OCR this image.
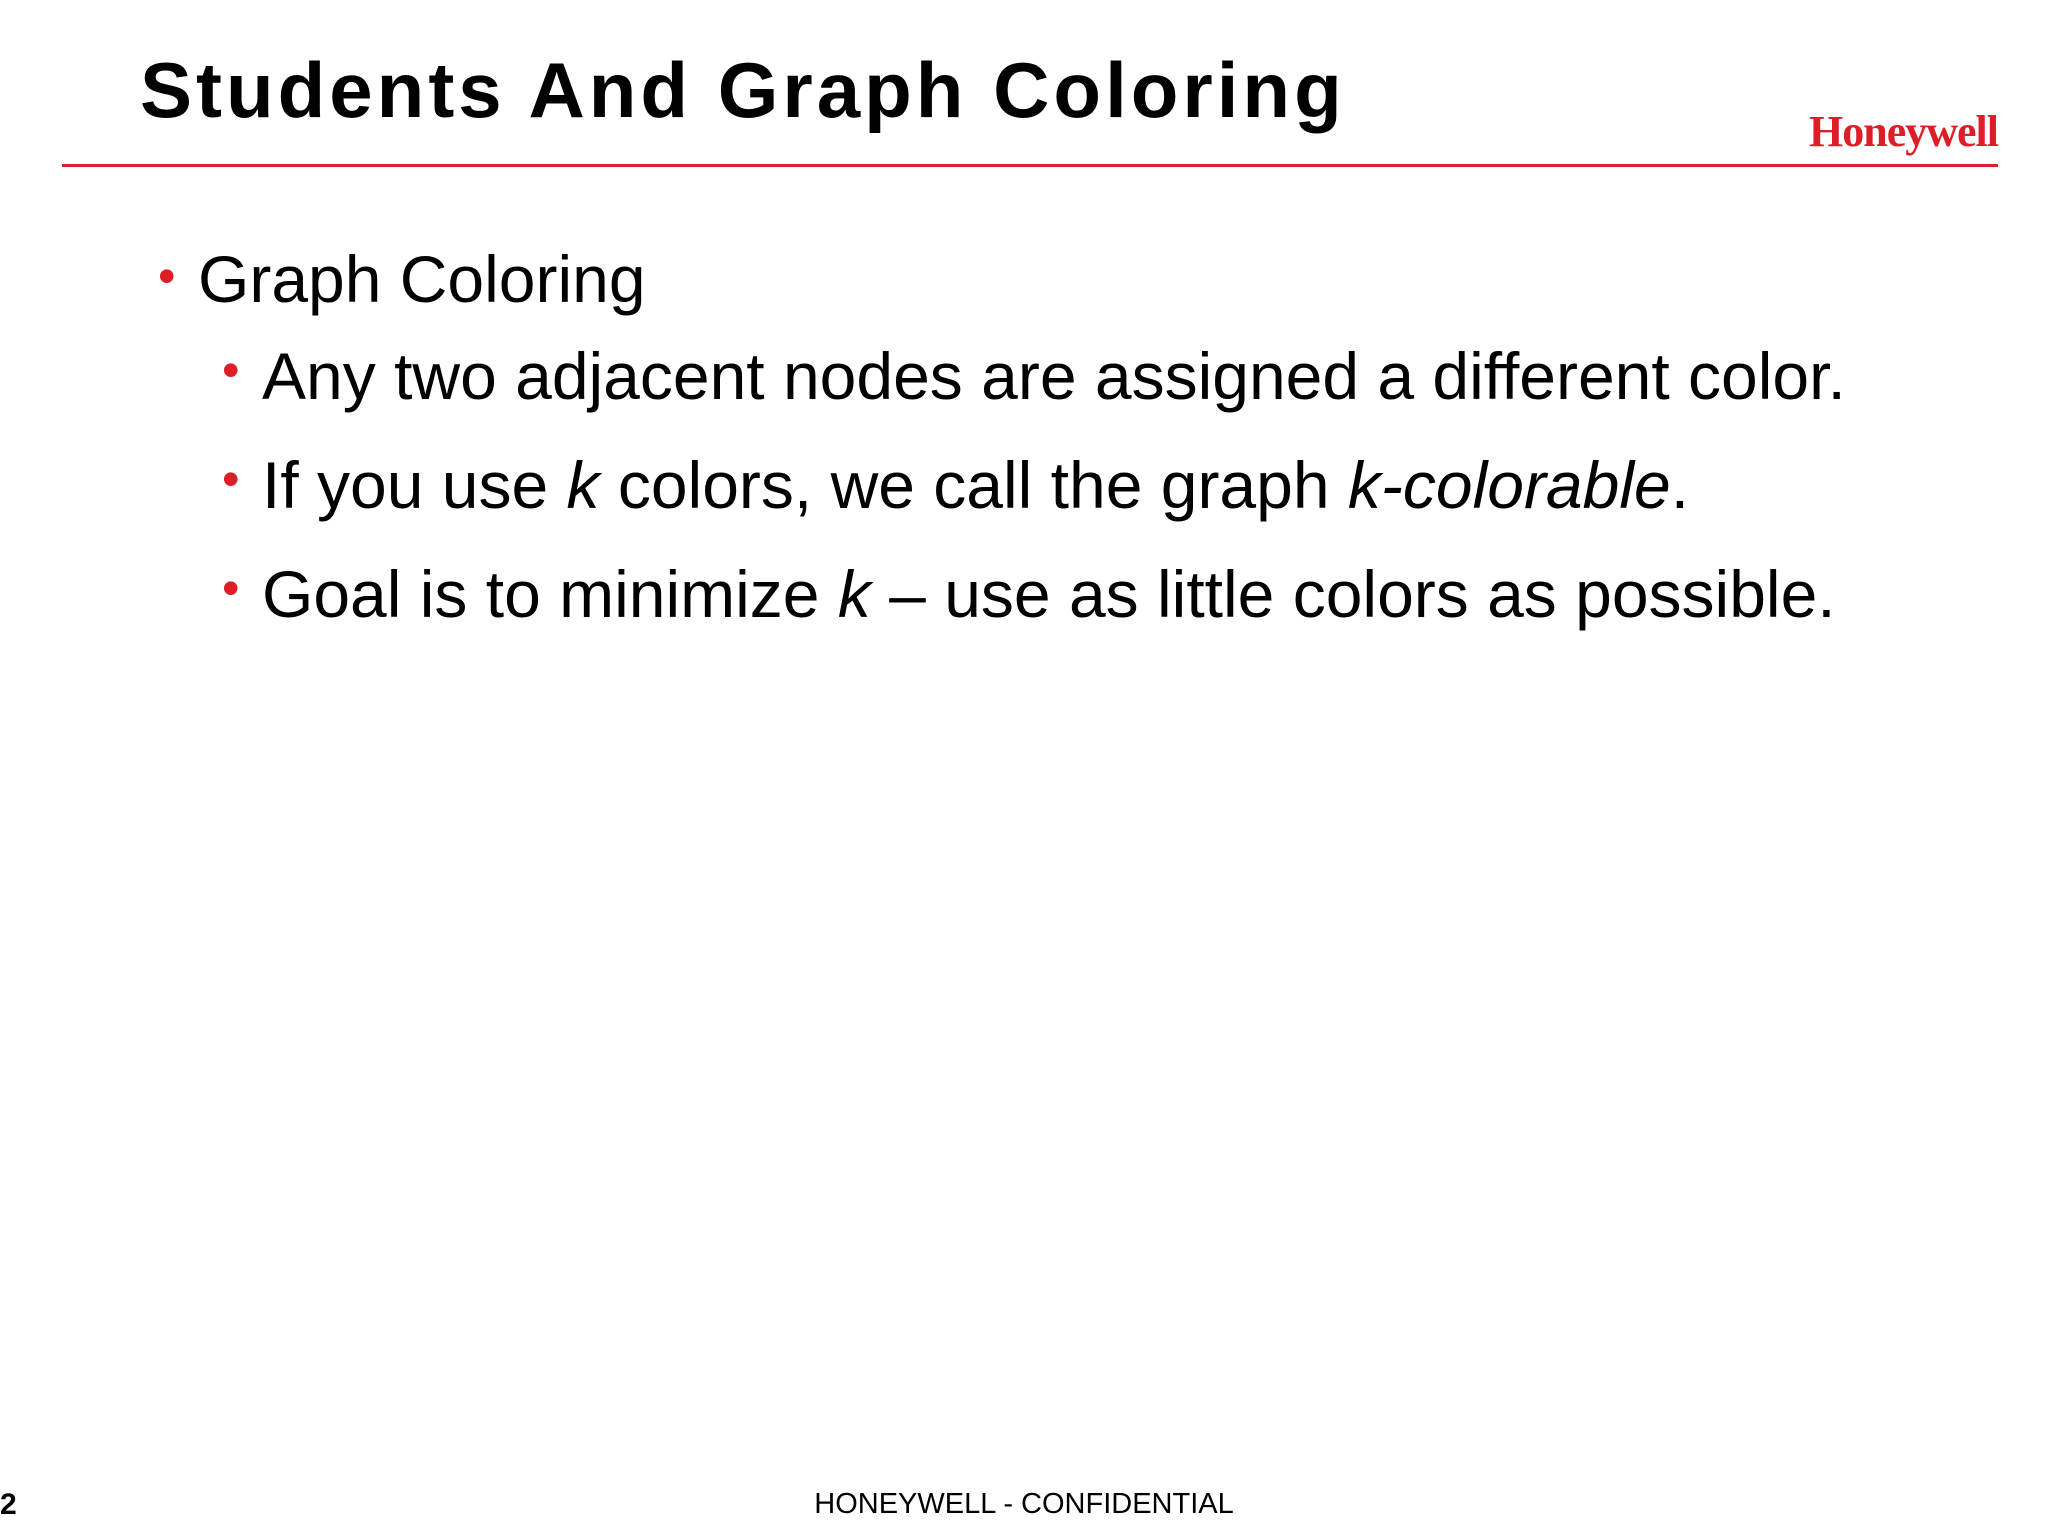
Students And Graph Coloring	Honeywell
• Graph Coloring
• Any two adjacent nodes are assigned a different color.
• If you use k colors, we call the graph k-colorable.
• Goal is to minimize k – use as little colors as possible.
2	HONEYWELL - CONFIDENTIAL
